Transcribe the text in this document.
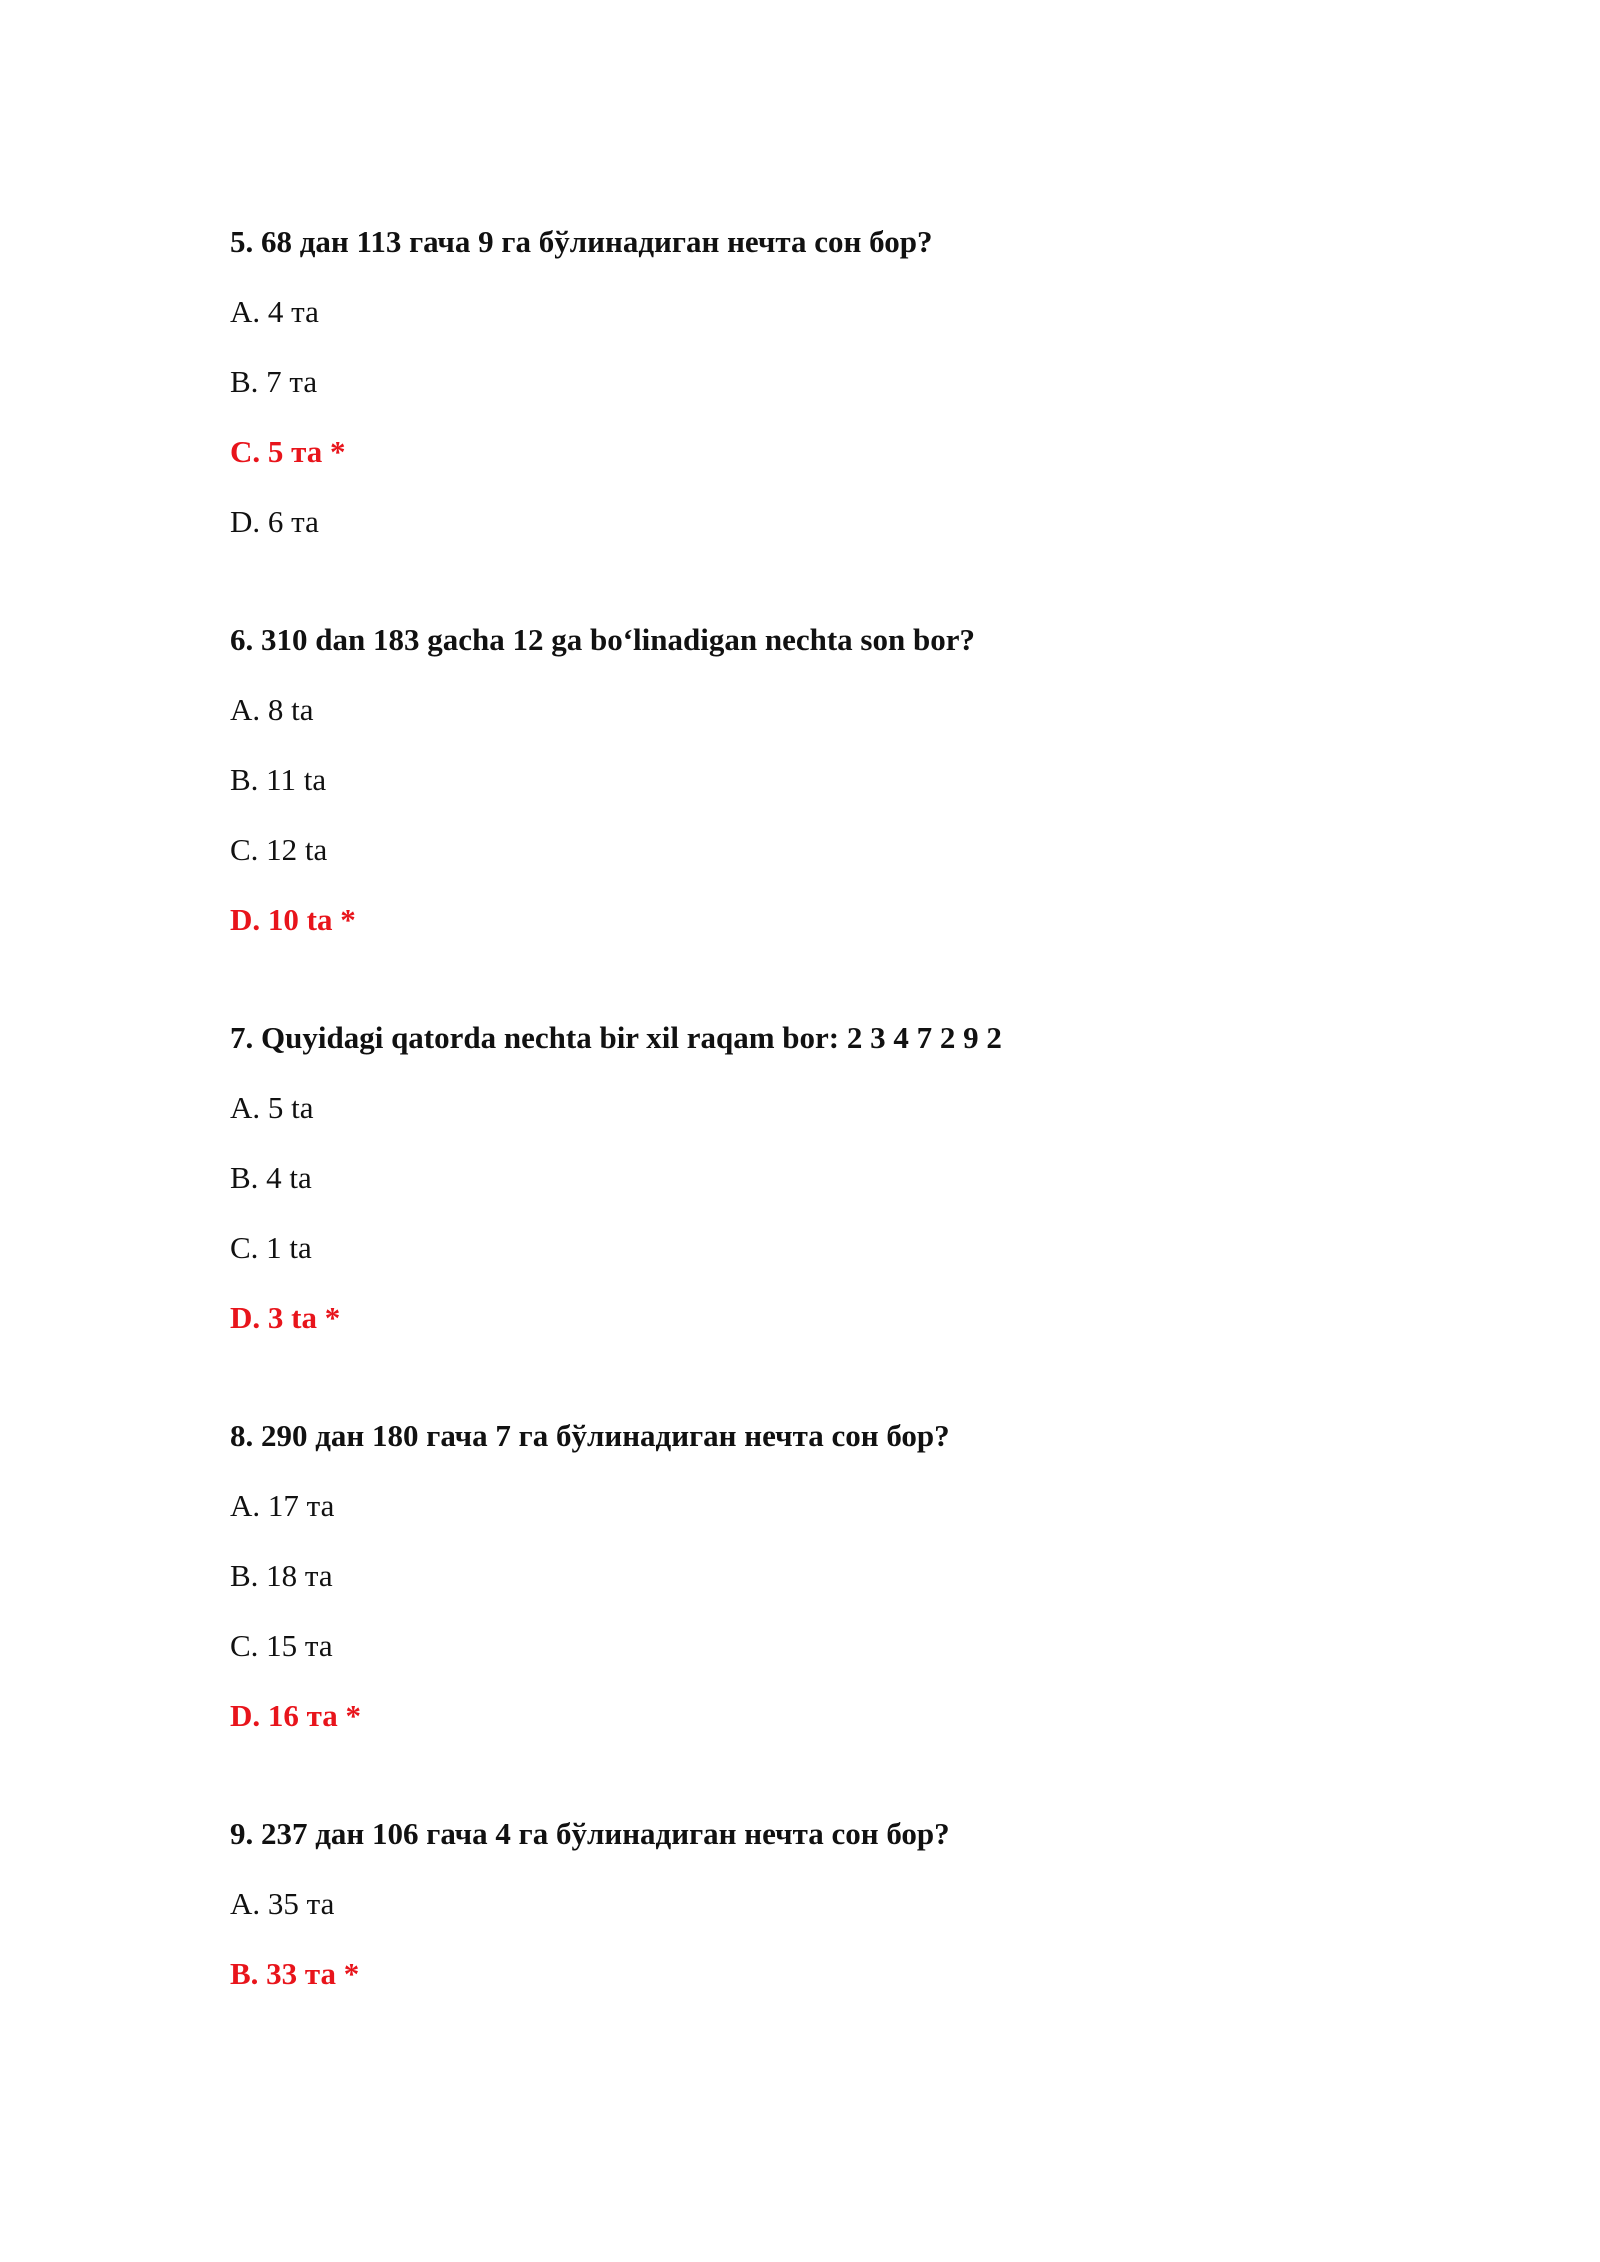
5. 68 дан 113 гача 9 га бўлинадиган нечта сон бор?
A. 4 та
B. 7 та
C. 5 та *
D. 6 та
6. 310 dan 183 gacha 12 ga bo‘linadigan nechta son bor?
A. 8 ta
B. 11 ta
C. 12 ta
D. 10 ta *
7. Quyidagi qatorda nechta bir xil raqam bor: 2 3 4 7 2 9 2
A. 5 ta
B. 4 ta
C. 1 ta
D. 3 ta *
8. 290 дан 180 гача 7 га бўлинадиган нечта сон бор?
A. 17 та
B. 18 та
C. 15 та
D. 16 та *
9. 237 дан 106 гача 4 га бўлинадиган нечта сон бор?
A. 35 та
B. 33 та *
